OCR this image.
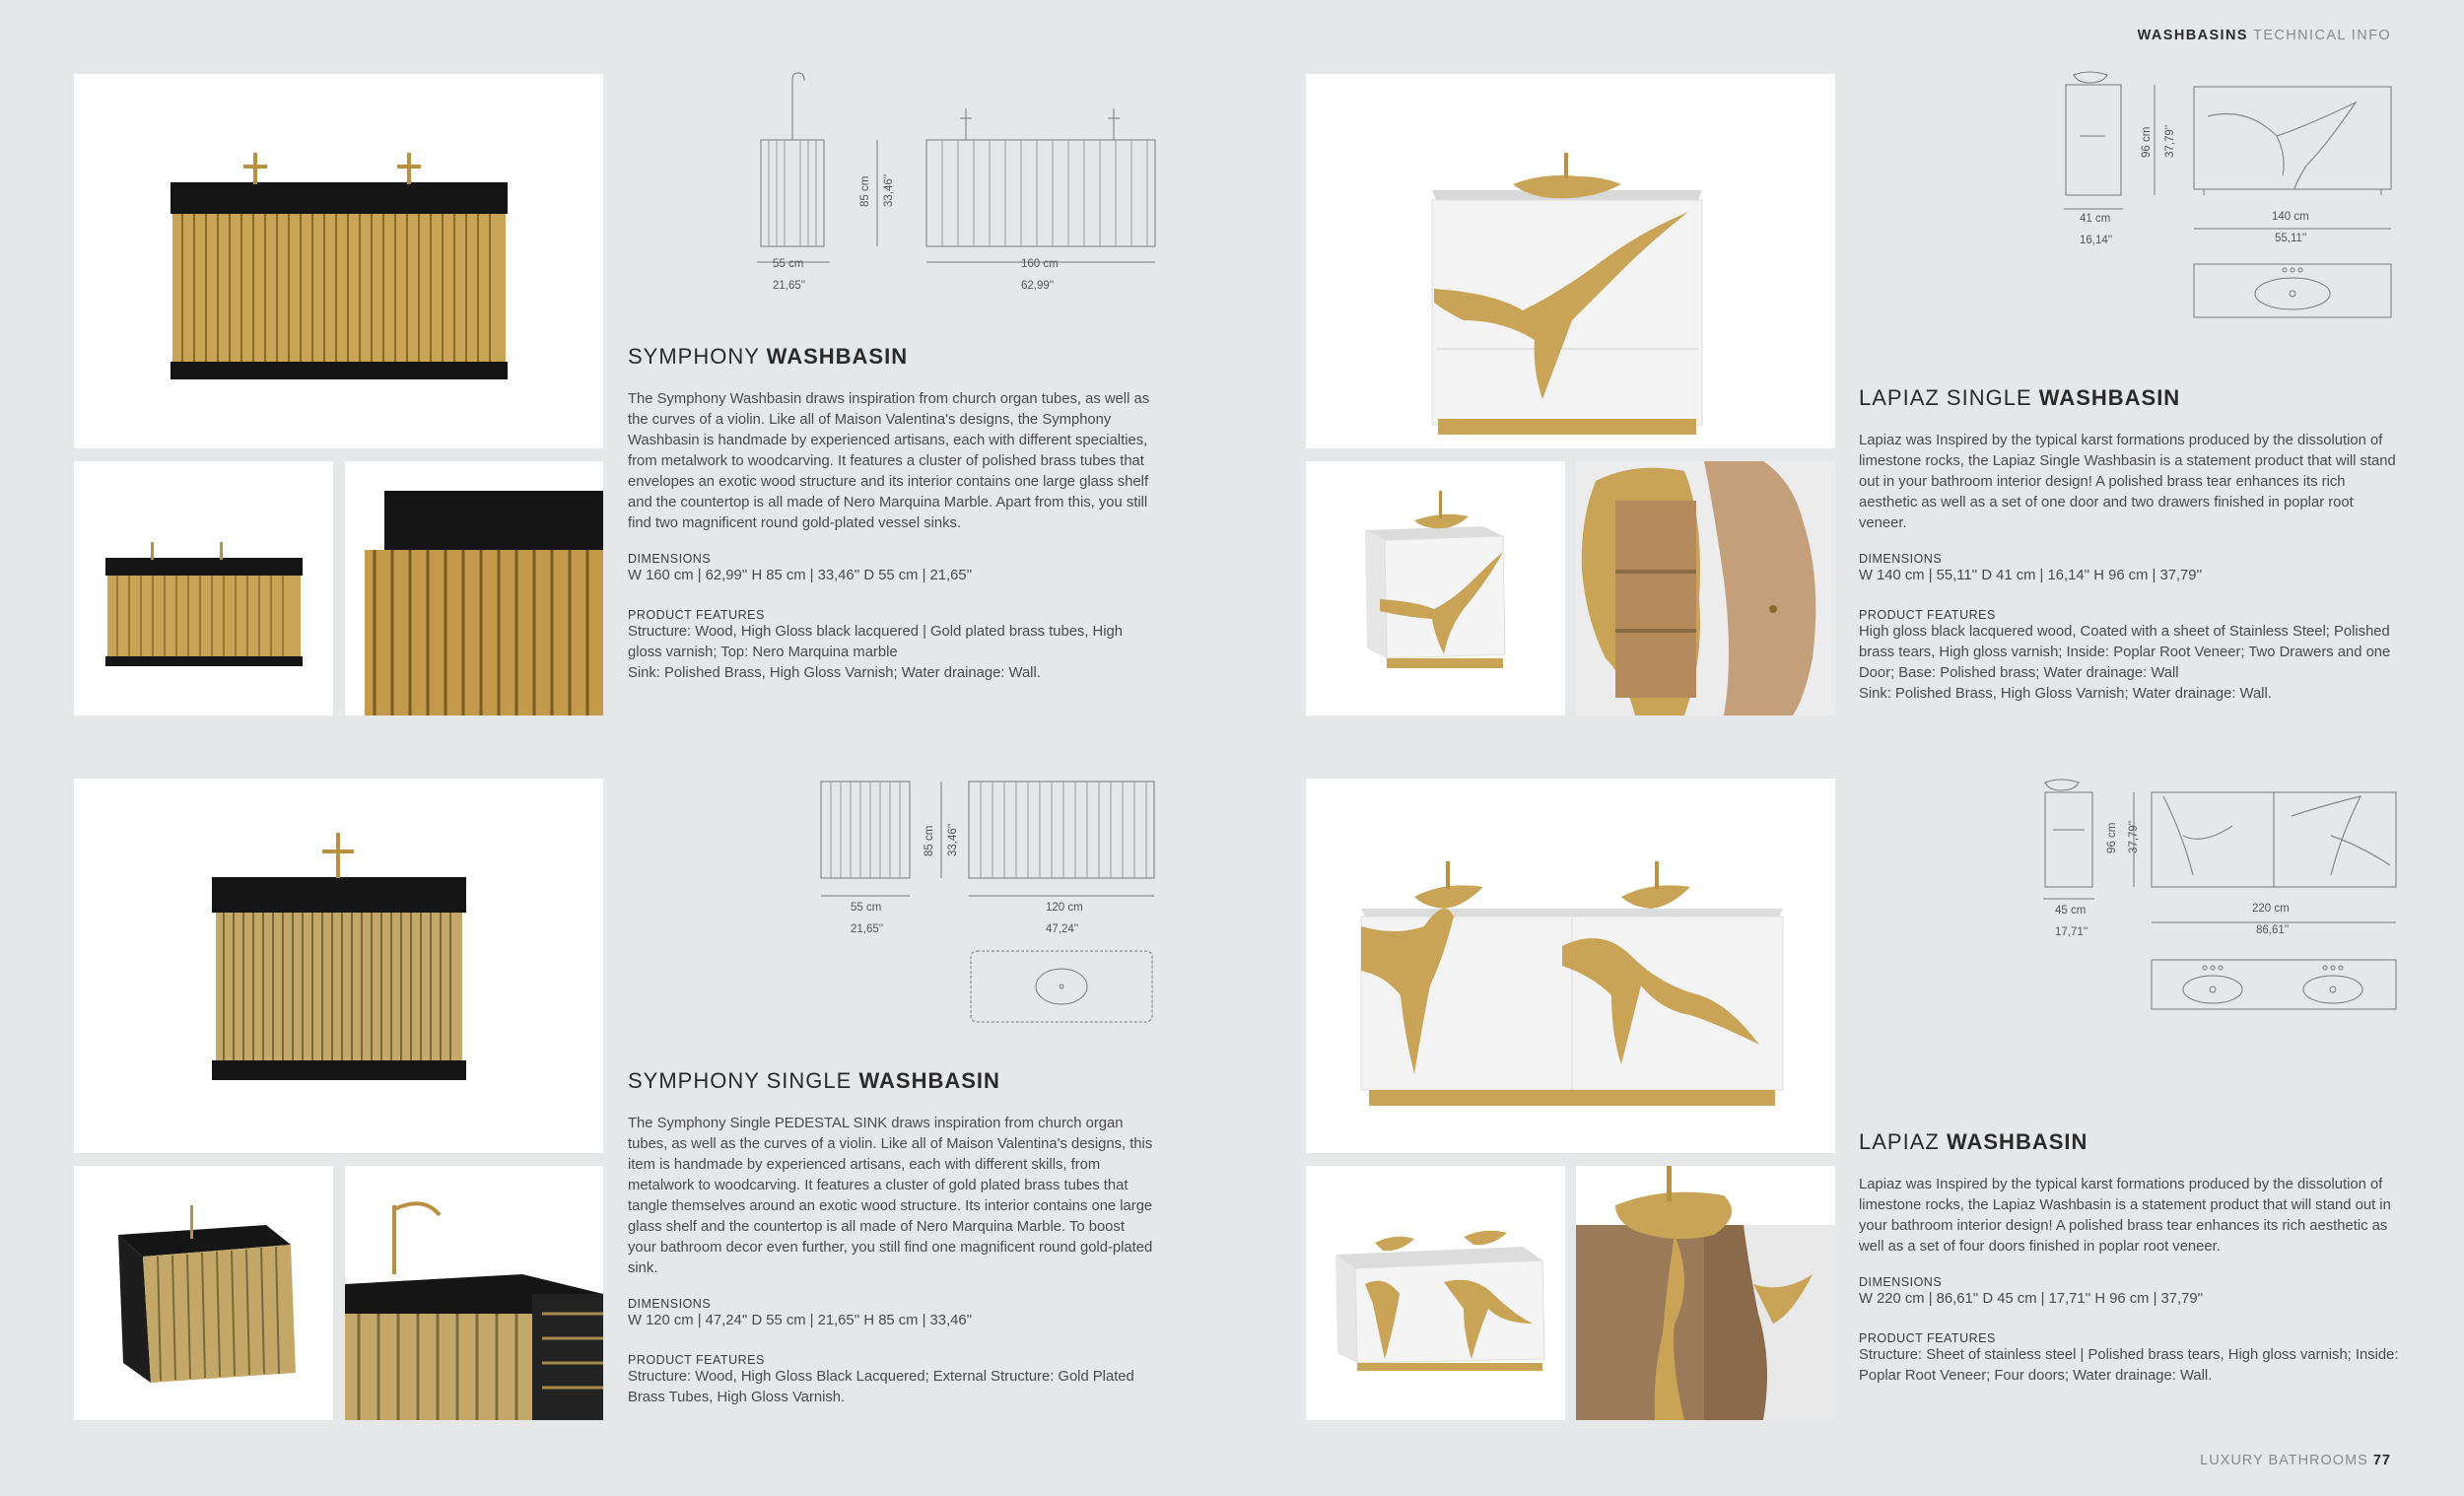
WASHBASINS TECHNICAL INFO
55 cm
21,65''
160 cm
62,99''
85 cm 33,46''
SYMPHONY WASHBASIN
The Symphony Washbasin draws inspiration from church organ tubes, as well as the curves of a violin. Like all of Maison Valentina's designs, the Symphony Washbasin is handmade by experienced artisans, each with different specialties, from metalwork to woodcarving. It features a cluster of polished brass tubes that envelopes an exotic wood structure and its interior contains one large glass shelf and the countertop is all made of Nero Marquina Marble. Apart from this, you still find two magnificent round gold-plated vessel sinks.
DIMENSIONS
W 160 cm | 62,99'' H 85 cm | 33,46'' D 55 cm | 21,65''
PRODUCT FEATURES
Structure: Wood, High Gloss black lacquered | Gold plated brass tubes, High gloss varnish; Top: Nero Marquina marble
Sink: Polished Brass, High Gloss Varnish; Water drainage: Wall.
55 cm
21,65''
120 cm
47,24''
85 cm 33,46''
SYMPHONY SINGLE WASHBASIN
The Symphony Single PEDESTAL SINK draws inspiration from church organ tubes, as well as the curves of a violin. Like all of Maison Valentina's designs, this item is handmade by experienced artisans, each with different skills, from metalwork to woodcarving. It features a cluster of gold plated brass tubes that tangle themselves around an exotic wood structure. Its interior contains one large glass shelf and the countertop is all made of Nero Marquina Marble. To boost your bathroom decor even further, you still find one magnificent round gold-plated sink.
DIMENSIONS
W 120 cm | 47,24'' D 55 cm | 21,65'' H 85 cm | 33,46''
PRODUCT FEATURES
Structure: Wood, High Gloss Black Lacquered; External Structure: Gold Plated Brass Tubes, High Gloss Varnish.
41 cm
16,14''
140 cm
55,11''
96 cm 37,79''
LAPIAZ SINGLE WASHBASIN
Lapiaz was Inspired by the typical karst formations produced by the dissolution of limestone rocks, the Lapiaz Single Washbasin is a statement product that will stand out in your bathroom interior design! A polished brass tear enhances its rich aesthetic as well as a set of one door and two drawers finished in poplar root veneer.
DIMENSIONS
W 140 cm | 55,11'' D 41 cm | 16,14'' H 96 cm | 37,79''
PRODUCT FEATURES
High gloss black lacquered wood, Coated with a sheet of Stainless Steel; Polished brass tears, High gloss varnish; Inside: Poplar Root Veneer; Two Drawers and one Door; Base: Polished brass; Water drainage: Wall
Sink: Polished Brass, High Gloss Varnish; Water drainage: Wall.
45 cm
17,71''
220 cm
86,61''
96 cm 37,79''
LAPIAZ WASHBASIN
Lapiaz was Inspired by the typical karst formations produced by the dissolution of limestone rocks, the Lapiaz Washbasin is a statement product that will stand out in your bathroom interior design! A polished brass tear enhances its rich aesthetic as well as a set of four doors finished in poplar root veneer.
DIMENSIONS
W 220 cm | 86,61'' D 45 cm | 17,71'' H 96 cm | 37,79''
PRODUCT FEATURES
Structure: Sheet of stainless steel | Polished brass tears, High gloss varnish; Inside: Poplar Root Veneer; Four doors; Water drainage: Wall.
LUXURY BATHROOMS 77
